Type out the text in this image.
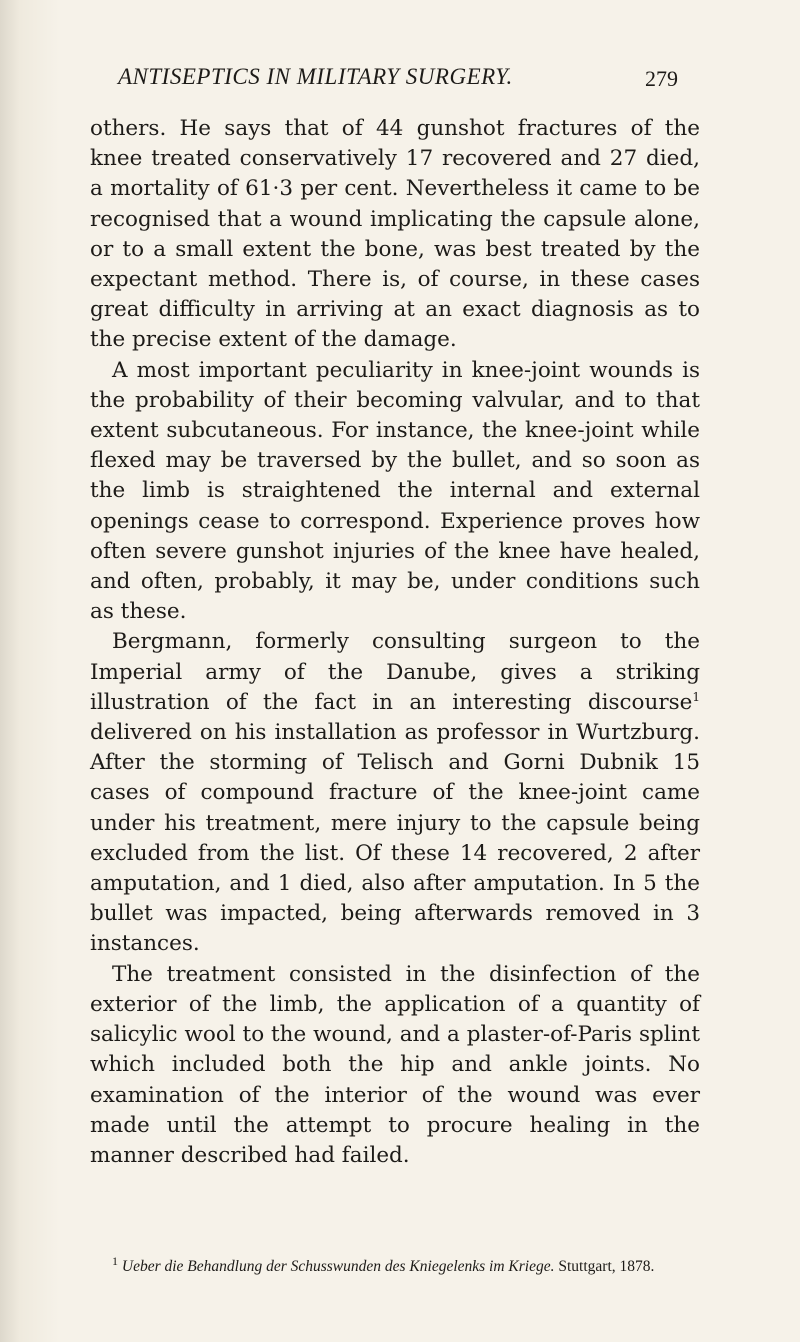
ANTISEPTICS IN MILITARY SURGERY.	279

others. He says that of 44 gunshot fractures of the knee treated conservatively 17 recovered and 27 died, a mortality of 61·3 per cent. Nevertheless it came to be recognised that a wound implicating the capsule alone, or to a small extent the bone, was best treated by the expectant method. There is, of course, in these cases great difficulty in arriving at an exact diagnosis as to the precise extent of the damage.

A most important peculiarity in knee-joint wounds is the probability of their becoming valvular, and to that extent subcutaneous. For instance, the knee-joint while flexed may be traversed by the bullet, and so soon as the limb is straightened the internal and external openings cease to correspond. Experience proves how often severe gunshot injuries of the knee have healed, and often, probably, it may be, under conditions such as these.

Bergmann, formerly consulting surgeon to the Imperial army of the Danube, gives a striking illustration of the fact in an interesting discourse$^1$ delivered on his installation as professor in Wurtzburg. After the storming of Telisch and Gorni Dubnik 15 cases of compound fracture of the knee-joint came under his treatment, mere injury to the capsule being excluded from the list. Of these 14 recovered, 2 after amputation, and 1 died, also after amputation. In 5 the bullet was impacted, being afterwards removed in 3 instances.

The treatment consisted in the disinfection of the exterior of the limb, the application of a quantity of salicylic wool to the wound, and a plaster-of-Paris splint which included both the hip and ankle joints. No examination of the interior of the wound was ever made until the attempt to procure healing in the manner described had failed.

$^1$ Ueber die Behandlung der Schusswunden des Kniegelenks im Kriege. Stuttgart, 1878.
